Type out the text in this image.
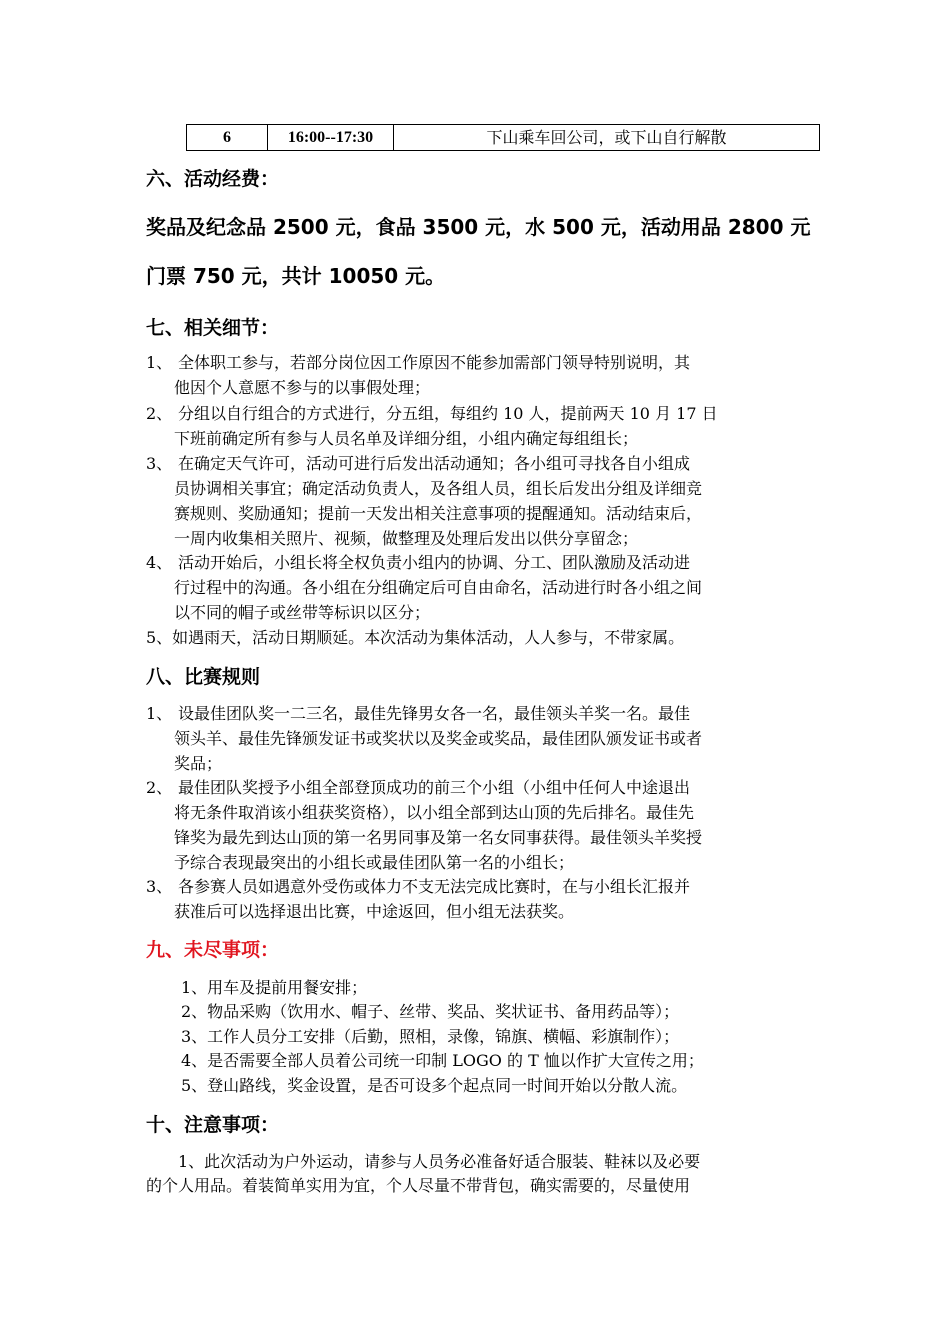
6	16:00--17:30	下山乘车回公司，或下山自行解散
六、活动经费：
奖品及纪念品 2500 元，食品 3500 元，水 500 元，活动用品 2800 元
门票 750 元，共计 10050 元。
七、相关细节：
1、 全体职工参与，若部分岗位因工作原因不能参加需部门领导特别说明，其
他因个人意愿不参与的以事假处理；
2、 分组以自行组合的方式进行，分五组，每组约 10 人，提前两天 10 月 17 日
下班前确定所有参与人员名单及详细分组，小组内确定每组组长；
3、 在确定天气许可，活动可进行后发出活动通知；各小组可寻找各自小组成
员协调相关事宜；确定活动负责人，及各组人员，组长后发出分组及详细竞
赛规则、奖励通知；提前一天发出相关注意事项的提醒通知。活动结束后，
一周内收集相关照片、视频，做整理及处理后发出以供分享留念；
4、 活动开始后，小组长将全权负责小组内的协调、分工、团队激励及活动进
行过程中的沟通。各小组在分组确定后可自由命名，活动进行时各小组之间
以不同的帽子或丝带等标识以区分；
5、如遇雨天，活动日期顺延。本次活动为集体活动，人人参与，不带家属。
八、比赛规则
1、 设最佳团队奖一二三名，最佳先锋男女各一名，最佳领头羊奖一名。最佳
领头羊、最佳先锋颁发证书或奖状以及奖金或奖品，最佳团队颁发证书或者
奖品；
2、 最佳团队奖授予小组全部登顶成功的前三个小组（小组中任何人中途退出
将无条件取消该小组获奖资格），以小组全部到达山顶的先后排名。最佳先
锋奖为最先到达山顶的第一名男同事及第一名女同事获得。最佳领头羊奖授
予综合表现最突出的小组长或最佳团队第一名的小组长；
3、 各参赛人员如遇意外受伤或体力不支无法完成比赛时，在与小组长汇报并
获准后可以选择退出比赛，中途返回，但小组无法获奖。
九、未尽事项：
1、用车及提前用餐安排；
2、物品采购（饮用水、帽子、丝带、奖品、奖状证书、备用药品等）；
3、工作人员分工安排（后勤，照相，录像，锦旗、横幅、彩旗制作）；
4、是否需要全部人员着公司统一印制 LOGO 的 T 恤以作扩大宣传之用；
5、登山路线，奖金设置，是否可设多个起点同一时间开始以分散人流。
十、注意事项：
　　1、此次活动为户外运动，请参与人员务必准备好适合服装、鞋袜以及必要
的个人用品。着装简单实用为宜，个人尽量不带背包，确实需要的，尽量使用
